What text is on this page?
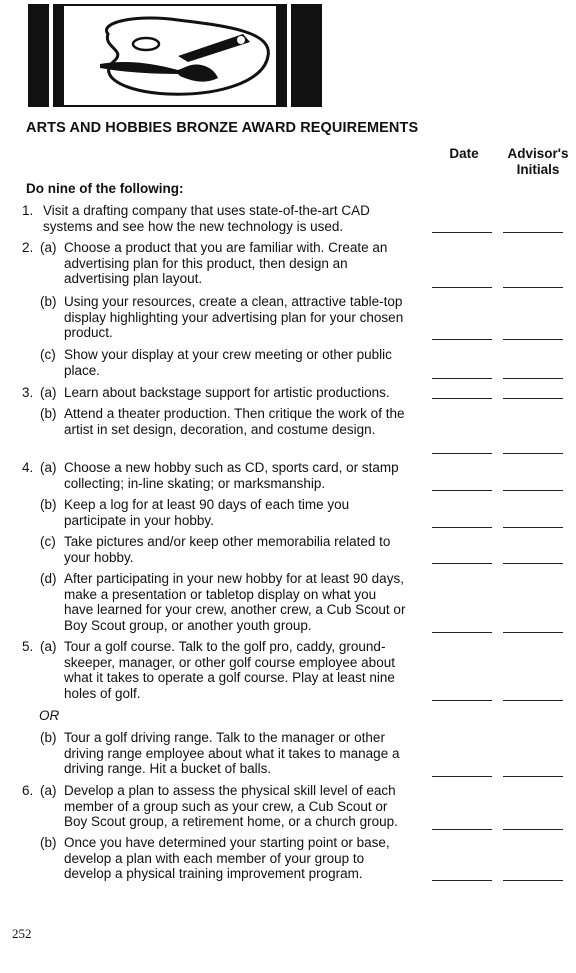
ARTS AND HOBBIES BRONZE AWARD REQUIREMENTS
Date	Advisor's
Initials
Do nine of the following:
1. Visit a drafting company that uses state-of-the-art CAD systems and see how the new technology is used.
2. (a) Choose a product that you are familiar with. Create an advertising plan for this product, then design an advertising plan layout.
(b) Using your resources, create a clean, attractive table-top display highlighting your advertising plan for your chosen product.
(c) Show your display at your crew meeting or other public place.
3. (a) Learn about backstage support for artistic productions.
(b) Attend a theater production. Then critique the work of the artist in set design, decoration, and costume design.
4. (a) Choose a new hobby such as CD, sports card, or stamp collecting; in-line skating; or marksmanship.
(b) Keep a log for at least 90 days of each time you participate in your hobby.
(c) Take pictures and/or keep other memorabilia related to your hobby.
(d) After participating in your new hobby for at least 90 days, make a presentation or tabletop display on what you have learned for your crew, another crew, a Cub Scout or Boy Scout group, or another youth group.
5. (a) Tour a golf course. Talk to the golf pro, caddy, ground-skeeper, manager, or other golf course employee about what it takes to operate a golf course. Play at least nine holes of golf.
(b) Tour a golf driving range. Talk to the manager or other driving range employee about what it takes to manage a driving range. Hit a bucket of balls.
6. (a) Develop a plan to assess the physical skill level of each member of a group such as your crew, a Cub Scout or Boy Scout group, a retirement home, or a church group.
(b) Once you have determined your starting point or base, develop a plan with each member of your group to develop a physical training improvement program.
OR
252
